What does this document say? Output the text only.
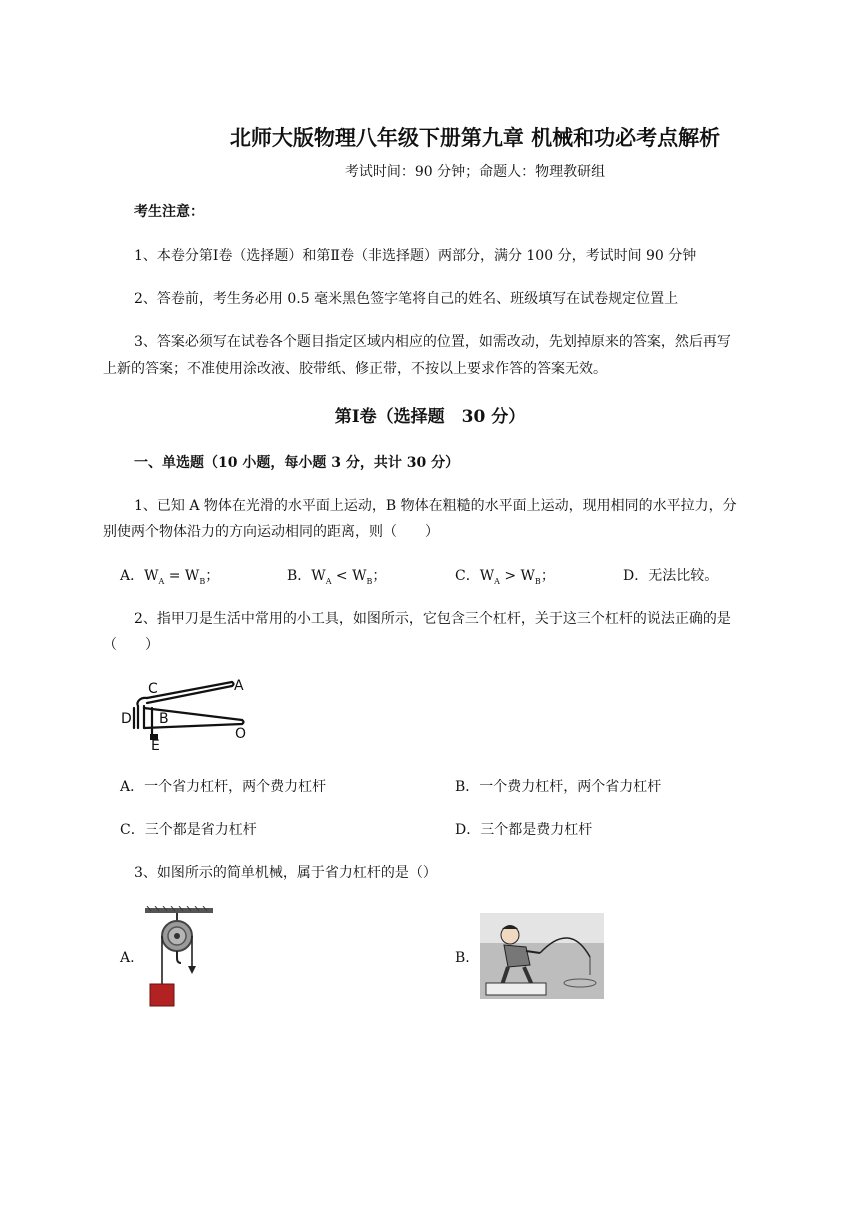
北师大版物理八年级下册第九章 机械和功必考点解析
考试时间：90 分钟；命题人：物理教研组
考生注意：
1、本卷分第Ⅰ卷（选择题）和第Ⅱ卷（非选择题）两部分，满分 100 分，考试时间 90 分钟
2、答卷前，考生务必用 0.5 毫米黑色签字笔将自己的姓名、班级填写在试卷规定位置上
3、答案必须写在试卷各个题目指定区域内相应的位置，如需改动，先划掉原来的答案，然后再写
上新的答案；不准使用涂改液、胶带纸、修正带，不按以上要求作答的答案无效。
第Ⅰ卷（选择题　30 分）
一、单选题（10 小题，每小题 3 分，共计 30 分）
1、已知 A 物体在光滑的水平面上运动，B 物体在粗糙的水平面上运动，现用相同的水平拉力，分
别使两个物体沿力的方向运动相同的距离，则（　　）
A．$W_A = W_B$；	B．$W_A < W_B$；	C．$W_A > W_B$；	D．无法比较。
2、指甲刀是生活中常用的小工具，如图所示，它包含三个杠杆，关于这三个杠杆的说法正确的是
（　　）
C	A
D B
E
O
A．一个省力杠杆，两个费力杠杆	B．一个费力杠杆，两个省力杠杆
C．三个都是省力杠杆	D．三个都是费力杠杆
3、如图所示的简单机械，属于省力杠杆的是（）
A.	B.
